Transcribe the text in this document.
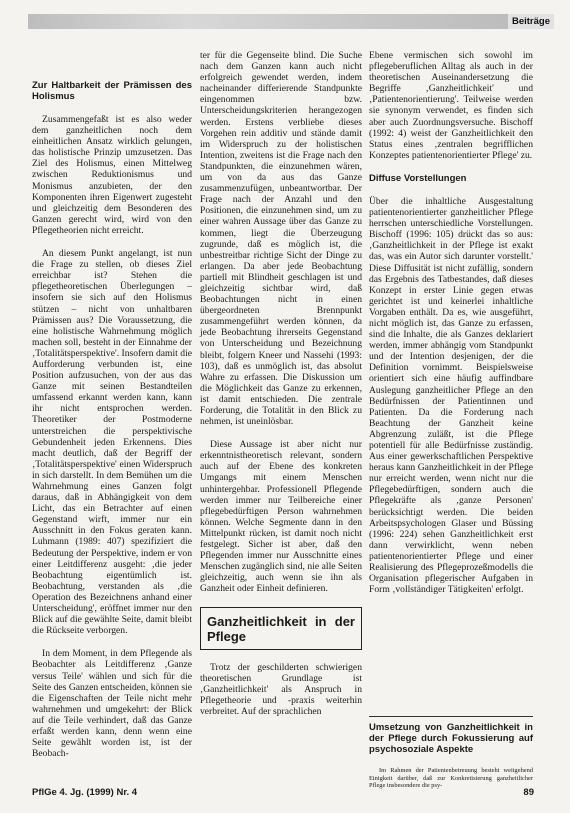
Beiträge
Zur Haltbarkeit der Prämissen des Holismus

Zusammengefaßt ist es also weder dem ganzheitlichen noch dem einheitlichen Ansatz wirklich gelungen, das holistische Prinzip umzusetzen. Das Ziel des Holismus, einen Mittelweg zwischen Reduktionismus und Monismus anzubieten, der den Komponenten ihren Eigenwert zugesteht und gleichzeitig dem Besonderen des Ganzen gerecht wird, wird von den Pflegetheorien nicht erreicht.

An diesem Punkt angelangt, ist nun die Frage zu stellen, ob dieses Ziel erreichbar ist? Stehen die pflegetheoretischen Überlegungen – insofern sie sich auf den Holismus stützen – nicht von unhaltbaren Prämissen aus? Die Voraussetzung, die eine holistische Wahrnehmung möglich machen soll, besteht in der Einnahme der ‚Totalitätsperspektive'. Insofern damit die Aufforderung verbunden ist, eine Position aufzusuchen, von der aus das Ganze mit seinen Bestandteilen umfassend erkannt werden kann, kann ihr nicht entsprochen werden. Theoretiker der Postmoderne unterstreichen die perspektivische Gebundenheit jeden Erkennens. Dies macht deutlich, daß der Begriff der ‚Totalitätsperspektive' einen Widerspruch in sich darstellt. In dem Bemühen um die Wahrnehmung eines Ganzen folgt daraus, daß in Abhängigkeit von dem Licht, das ein Betrachter auf einen Gegenstand wirft, immer nur ein Ausschnitt in den Fokus geraten kann. Luhmann (1989: 407) spezifiziert die Bedeutung der Perspektive, indem er von einer Leitdifferenz ausgeht: ‚die jeder Beobachtung eigentümlich ist. Beobachtung, verstanden als ‚die Operation des Bezeichnens anhand einer Unterscheidung', eröffnet immer nur den Blick auf die gewählte Seite, damit bleibt die Rückseite verborgen.

In dem Moment, in dem Pflegende als Beobachter als Leitdifferenz ‚Ganze versus Teile' wählen und sich für die Seite des Ganzen entscheiden, können sie die Eigenschaften der Teile nicht mehr wahrnehmen und umgekehrt: der Blick auf die Teile verhindert, daß das Ganze erfaßt werden kann, denn wenn eine Seite gewählt worden ist, ist der Beobach-

ter für die Gegenseite blind. Die Suche nach dem Ganzen kann auch nicht erfolgreich gewendet werden, indem nacheinander differierende Standpunkte eingenommen bzw. Unterscheidungskriterien herangezogen werden. Erstens verbliebe dieses Vorgehen rein additiv und stände damit im Widerspruch zu der holistischen Intention, zweitens ist die Frage nach den Standpunkten, die einzunehmen wären, um von da aus das Ganze zusammenzufügen, unbeantwortbar. Der Frage nach der Anzahl und den Positionen, die einzunehmen sind, um zu einer wahren Aussage über das Ganze zu kommen, liegt die Überzeugung zugrunde, daß es möglich ist, die unbestreitbar richtige Sicht der Dinge zu erlangen. Da aber jede Beobachtung partiell mit Blindheit geschlagen ist und gleichzeitig sichtbar wird, daß Beobachtungen nicht in einen übergeordneten Brennpunkt zusammengeführt werden können, da jede Beobachtung ihrerseits Gegenstand von Unterscheidung und Bezeichnung bleibt, folgern Kneer und Nassehi (1993: 103), daß es unmöglich ist, das absolut Wahre zu erfassen. Die Diskussion um die Möglichkeit das Ganze zu erkennen, ist damit entschieden. Die zentrale Forderung, die Totalität in den Blick zu nehmen, ist uneinlösbar.

Diese Aussage ist aber nicht nur erkenntnistheoretisch relevant, sondern auch auf der Ebene des konkreten Umgangs mit einem Menschen unhintergehbar. Professionell Pflegende werden immer nur Teilbereiche einer pflegebedürftigen Person wahrnehmen können. Welche Segmente dann in den Mittelpunkt rücken, ist damit noch nicht festgelegt. Sicher ist aber, daß den Pflegenden immer nur Ausschnitte eines Menschen zugänglich sind, nie alle Seiten gleichzeitig, auch wenn sie ihn als Ganzheit oder Einheit definieren.

Ganzheitlichkeit in der Pflege

Trotz der geschilderten schwierigen theoretischen Grundlage ist ‚Ganzheitlichkeit' als Anspruch in Pflegetheorie und -praxis weiterhin verbreitet. Auf der sprachlichen

Ebene vermischen sich sowohl im pflegeberuflichen Alltag als auch in der theoretischen Auseinandersetzung die Begriffe ‚Ganzheitlichkeit' und ‚Patientenorientierung'. Teilweise werden sie synonym verwendet, es finden sich aber auch Zuordnungsversuche. Bischoff (1992: 4) weist der Ganzheitlichkeit den Status eines ‚zentralen begrifflichen Konzeptes patientenorientierter Pflege' zu.

Diffuse Vorstellungen

Über die inhaltliche Ausgestaltung patientenorientierter ganzheitlicher Pflege herrschen unterschiedliche Vorstellungen. Bischoff (1996: 105) drückt das so aus: ‚Ganzheitlichkeit in der Pflege ist exakt das, was ein Autor sich darunter vorstellt.' Diese Diffusität ist nicht zufällig, sondern das Ergebnis des Tatbestandes, daß dieses Konzept in erster Linie gegen etwas gerichtet ist und keinerlei inhaltliche Vorgaben enthält. Da es, wie ausgeführt, nicht möglich ist, das Ganze zu erfassen, sind die Inhalte, die als Ganzes deklariert werden, immer abhängig vom Standpunkt und der Intention desjenigen, der die Definition vornimmt. Beispielsweise orientiert sich eine häufig auffindbare Auslegung ganzheitlicher Pflege an den Bedürfnissen der Patientinnen und Patienten. Da die Forderung nach Beachtung der Ganzheit keine Abgrenzung zuläßt, ist die Pflege potentiell für alle Bedürfnisse zuständig. Aus einer gewerkschaftlichen Perspektive heraus kann Ganzheitlichkeit in der Pflege nur erreicht werden, wenn nicht nur die Pflegebedürftigen, sondern auch die Pflegekräfte als ‚ganze Personen' berücksichtigt werden. Die beiden Arbeitspsychologen Glaser und Büssing (1996: 224) sehen Ganzheitlichkeit erst dann verwirklicht, wenn neben patientenorientierter Pflege und einer Realisierung des Pflegeprozeßmodells die Organisation pflegerischer Aufgaben in Form ‚vollständiger Tätigkeiten' erfolgt.

Umsetzung von Ganzheitlichkeit in der Pflege durch Fokussierung auf psychosoziale Aspekte

Im Rahmen der Patientenbetreuung besteht weitgehend Einigkeit darüber, daß zur Konkretisierung ganzheitlicher Pflege insbesondere die psy-

PflGe 4. Jg. (1999) Nr. 4	89
